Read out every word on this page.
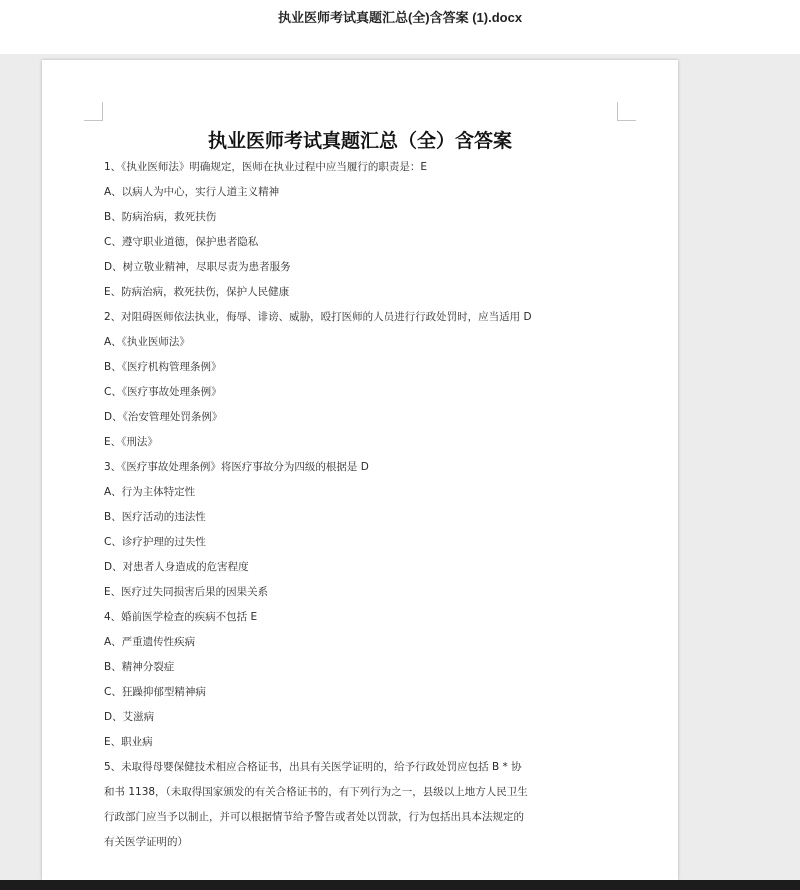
执业医师考试真题汇总(全)含答案 (1).docx
执业医师考试真题汇总（全）含答案
1、《执业医师法》明确规定，医师在执业过程中应当履行的职责是：E
A、以病人为中心，实行人道主义精神
B、防病治病，救死扶伤
C、遵守职业道德，保护患者隐私
D、树立敬业精神，尽职尽责为患者服务
E、防病治病，救死扶伤，保护人民健康
2、对阻碍医师依法执业，侮辱、诽谤、威胁，殴打医师的人员进行行政处罚时，应当适用 D
A、《执业医师法》
B、《医疗机构管理条例》
C、《医疗事故处理条例》
D、《治安管理处罚条例》
E、《刑法》
3、《医疗事故处理条例》将医疗事故分为四级的根据是 D
A、行为主体特定性
B、医疗活动的违法性
C、诊疗护理的过失性
D、对患者人身造成的危害程度
E、医疗过失同损害后果的因果关系
4、婚前医学检查的疾病不包括 E
A、严重遗传性疾病
B、精神分裂症
C、狂躁抑郁型精神病
D、艾滋病
E、职业病
5、未取得母婴保健技术相应合格证书，出具有关医学证明的，给予行政处罚应包括 B * 协
和书 1138，（未取得国家颁发的有关合格证书的，有下列行为之一，县级以上地方人民卫生
行政部门应当予以制止，并可以根据情节给予警告或者处以罚款，行为包括出具本法规定的
有关医学证明的）
